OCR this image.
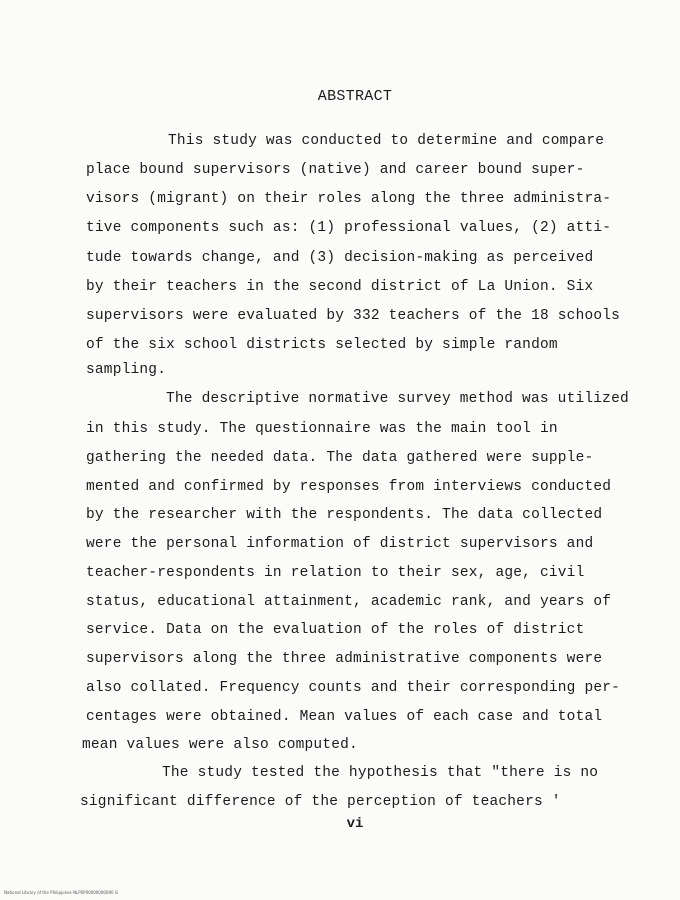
ABSTRACT
This study was conducted to determine and compare
place bound supervisors (native) and career bound super-
visors (migrant) on their roles along the three administra-
tive components such as: (1) professional values, (2) atti-
tude towards change, and (3) decision-making as perceived
by their teachers in the second district of La Union. Six
supervisors were evaluated by 332 teachers of the 18 schools
of the six school districts selected by simple random
sampling.
The descriptive normative survey method was utilized
in this study. The questionnaire was the main tool in
gathering the needed data. The data gathered were supple-
mented and confirmed by responses from interviews conducted
by the researcher with the respondents. The data collected
were the personal information of district supervisors and
teacher-respondents in relation to their sex, age, civil
status, educational attainment, academic rank, and years of
service. Data on the evaluation of the roles of district
supervisors along the three administrative components were
also collated. Frequency counts and their corresponding per-
centages were obtained. Mean values of each case and total
mean values were also computed.
The study tested the hypothesis that "there is no
significant difference of the perception of teachers '
vi
National Library of the Philippines NLP0P00000000090 iii
